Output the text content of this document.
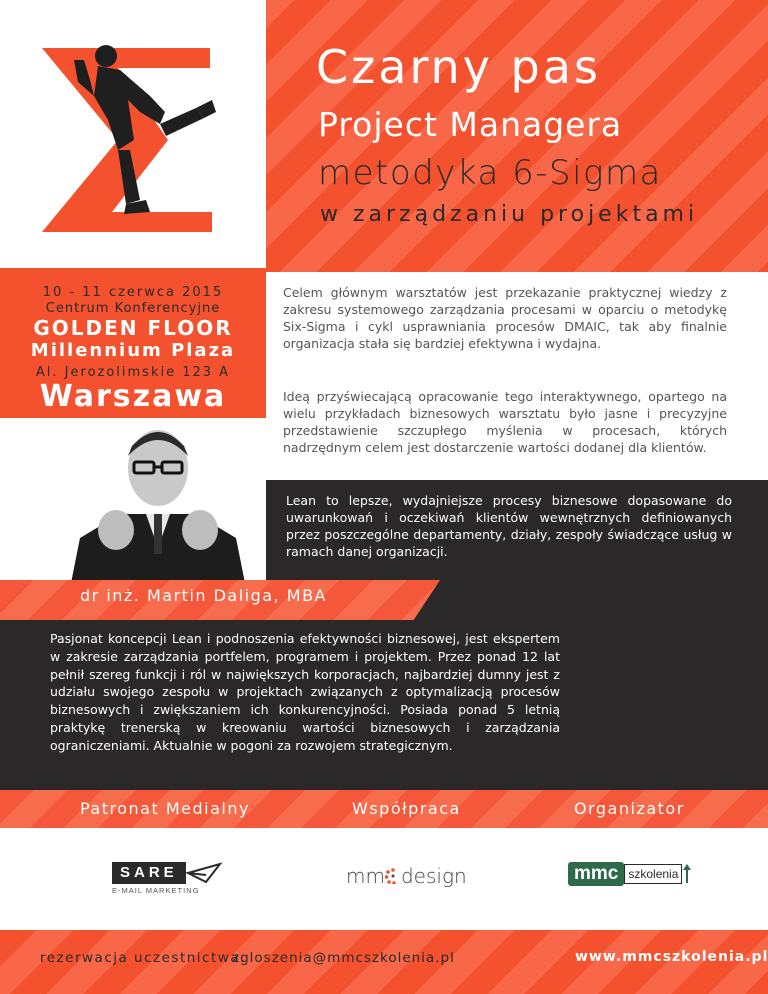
Czarny pas
Project Managera
metodyka 6-Sigma
w zarządzaniu projektami
10 - 11 czerwca 2015
Centrum Konferencyjne
GOLDEN FLOOR
Millennium Plaza
Al. Jerozolimskie 123 A
Warszawa

Celem głównym warsztatów jest przekazanie praktycznej wiedzy z zakresu systemowego zarządzania procesami w oparciu o metodykę Six-Sigma i cykl usprawniania procesów DMAIC, tak aby finalnie organizacja stała się bardziej efektywna i wydajna.

Ideą przyświecającą opracowanie tego interaktywnego, opartego na wielu przykładach biznesowych warsztatu było jasne i precyzyjne przedstawienie szczupłego myślenia w procesach, których nadrzędnym celem jest dostarczenie wartości dodanej dla klientów.

Lean to lepsze, wydajniejsze procesy biznesowe dopasowane do uwarunkowań i oczekiwań klientów wewnętrznych definiowanych przez poszczególne departamenty, działy, zespoły świadczące usług w ramach danej organizacji.

dr inż. Martin Daliga, MBA

Pasjonat koncepcji Lean i podnoszenia efektywności biznesowej, jest ekspertem w zakresie zarządzania portfelem, programem i projektem. Przez ponad 12 lat pełnił szereg funkcji i ról w największych korporacjach, najbardziej dumny jest z udziału swojego zespołu w projektach związanych z optymalizacją procesów biznesowych i zwiększaniem ich konkurencyjności. Posiada ponad 5 letnią praktykę trenerską w kreowaniu wartości biznesowych i zarządzania ograniczeniami. Aktualnie w pogoni za rozwojem strategicznym.

Patronat Medialny	Współpraca	Organizator
SARE
E-MAIL MARKETING
mm design	mmc szkolenia
rezerwacja uczestnictwa:
zgloszenia@mmcszkolenia.pl	www.mmcszkolenia.pl
